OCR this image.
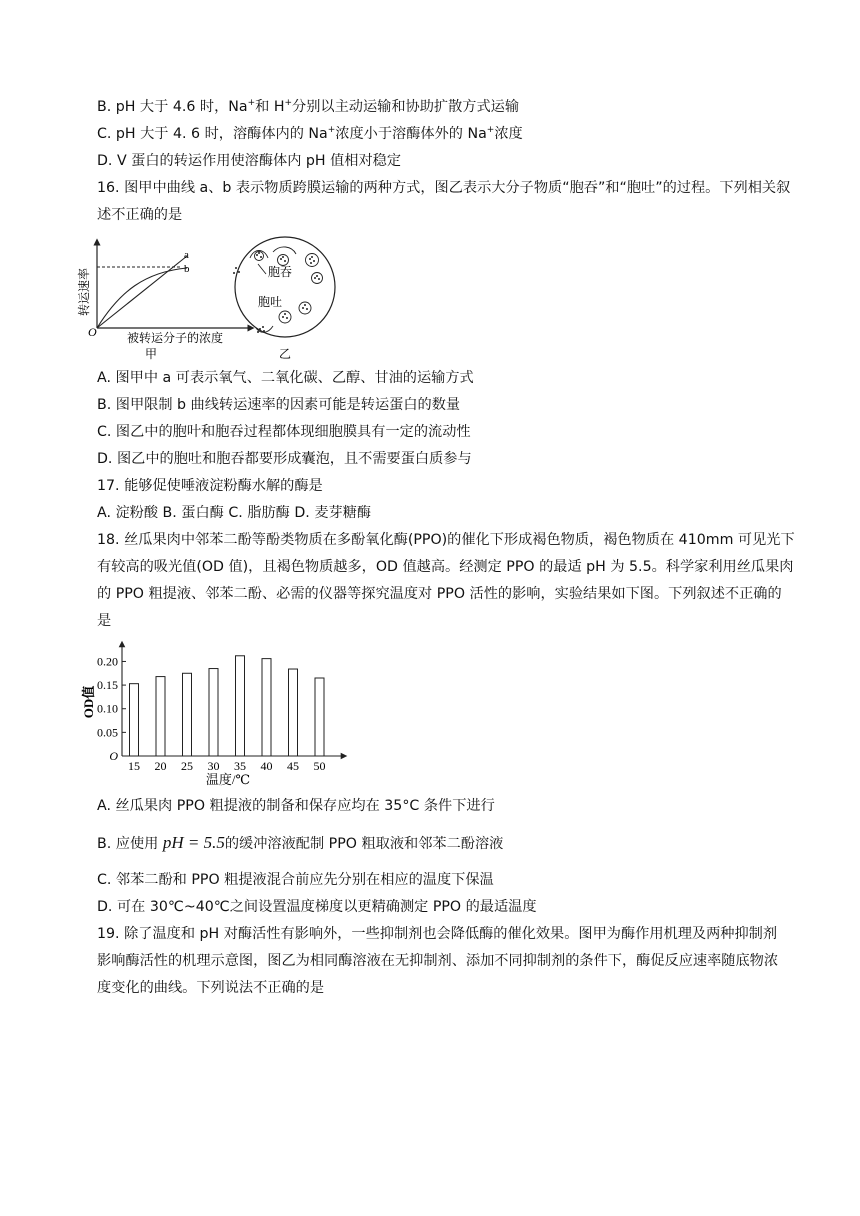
B. pH 大于 4.6 时，Na+和 H+分别以主动运输和协助扩散方式运输
C. pH 大于 4. 6 时，溶酶体内的 Na+浓度小于溶酶体外的 Na+浓度
D. V 蛋白的转运作用使溶酶体内 pH 值相对稳定
16. 图甲中曲线 a、b 表示物质跨膜运输的两种方式，图乙表示大分子物质“胞吞”和“胞吐”的过程。下列相关叙
述不正确的是
转运速率
O
a
b
被转运分子的浓度
甲
胞吞
胞吐
乙
A. 图甲中 a 可表示氧气、二氧化碳、乙醇、甘油的运输方式
B. 图甲限制 b 曲线转运速率的因素可能是转运蛋白的数量
C. 图乙中的胞叶和胞吞过程都体现细胞膜具有一定的流动性
D. 图乙中的胞吐和胞吞都要形成囊泡，且不需要蛋白质参与
17. 能够促使唾液淀粉酶水解的酶是
A. 淀粉酸 B. 蛋白酶 C. 脂肪酶 D. 麦芽糖酶
18. 丝瓜果肉中邻苯二酚等酚类物质在多酚氧化酶(PPO)的催化下形成褐色物质，褐色物质在 410mm 可见光下
有较高的吸光值(OD 值)，且褐色物质越多，OD 值越高。经测定 PPO 的最适 pH 为 5.5。科学家利用丝瓜果肉
的 PPO 粗提液、邻苯二酚、必需的仪器等探究温度对 PPO 活性的影响，实验结果如下图。下列叙述不正确的
是
O
0.05
0.10
0.15
0.20
15 20 25 30 35 40 45 50
OD值
温度/℃
A. 丝瓜果肉 PPO 粗提液的制备和保存应均在 35°C 条件下进行
B. 应使用 pH = 5.5的缓冲溶液配制 PPO 粗取液和邻苯二酚溶液
C. 邻苯二酚和 PPO 粗提液混合前应先分别在相应的温度下保温
D. 可在 30℃~40℃之间设置温度梯度以更精确测定 PPO 的最适温度
19. 除了温度和 pH 对酶活性有影响外，一些抑制剂也会降低酶的催化效果。图甲为酶作用机理及两种抑制剂
影响酶活性的机理示意图，图乙为相同酶溶液在无抑制剂、添加不同抑制剂的条件下，酶促反应速率随底物浓
度变化的曲线。下列说法不正确的是
